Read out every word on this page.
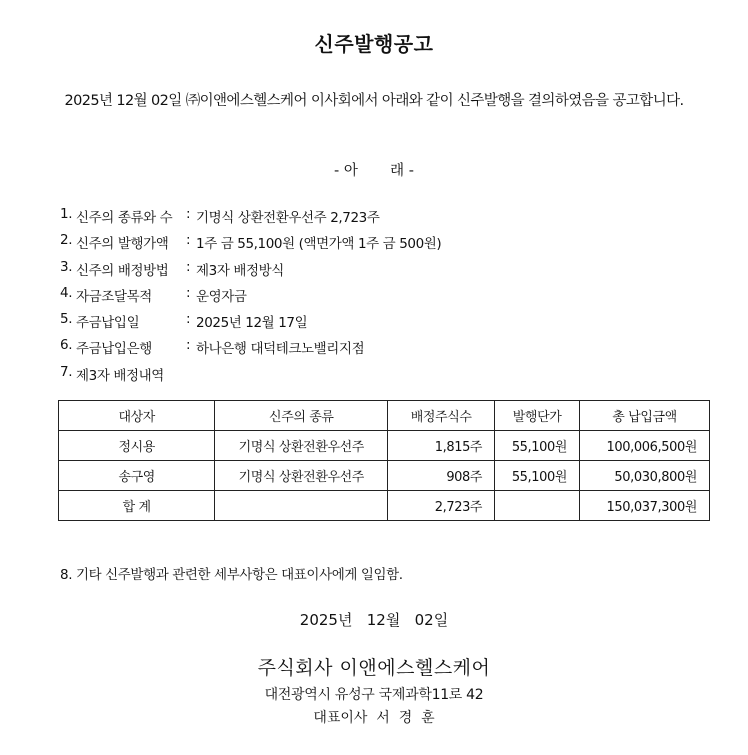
신주발행공고
2025년 12월 02일 ㈜이앤에스헬스케어 이사회에서 아래와 같이 신주발행을 결의하였음을 공고합니다.
- 아       래 -
1. 신주의 종류와 수	: 기명식 상환전환우선주 2,723주
2. 신주의 발행가액	: 1주 금 55,100원 (액면가액 1주 금 500원)
3. 신주의 배정방법	: 제3자 배정방식
4. 자금조달목적	: 운영자금
5. 주금납입일	: 2025년 12월 17일
6. 주금납입은행	: 하나은행 대덕테크노밸리지점
7. 제3자 배정내역
대상자	신주의 종류	배정주식수	발행단가	총 납입금액
정시용	기명식 상환전환우선주	1,815주	55,100원	100,006,500원
송구영	기명식 상환전환우선주	908주	55,100원	50,030,800원
합 계		2,723주		150,037,300원
8. 기타 신주발행과 관련한 세부사항은 대표이사에게 일임함.
2025년   12월   02일
주식회사 이앤에스헬스케어
대전광역시 유성구 국제과학11로 42
대표이사  서  경  훈
